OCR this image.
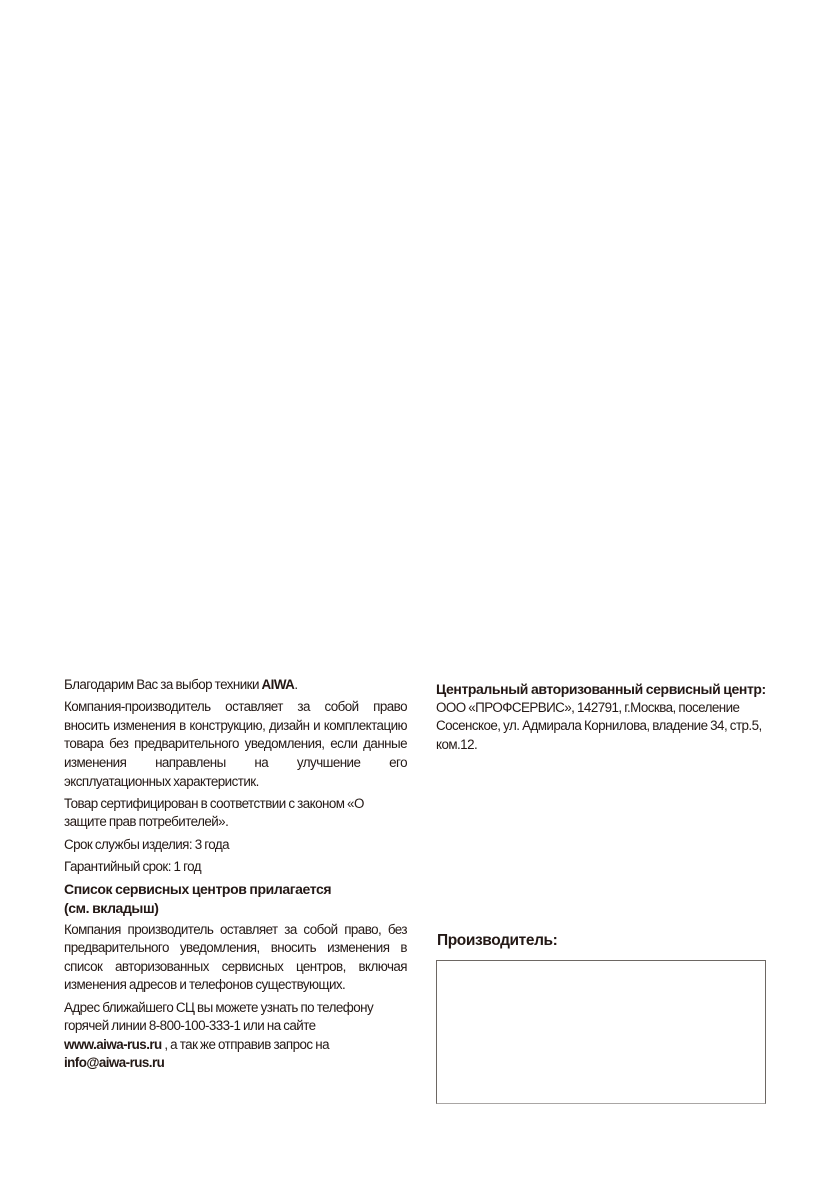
Благодарим Вас за выбор техники AIWA.

Компания-производитель оставляет за собой право вносить изменения в конструкцию, дизайн и комплектацию товара без предварительного уведомления, если данные изменения направлены на улучшение его эксплуатационных характеристик.

Товар сертифицирован в соответствии с законом «О защите прав потребителей».

Срок службы изделия: 3 года

Гарантийный срок: 1 год

Список сервисных центров прилагается
(см. вкладыш)

Компания производитель оставляет за собой право, без предварительного уведомления, вносить изменения в список авторизованных сервисных центров, включая изменения адресов и телефонов существующих.

Адрес ближайшего СЦ вы можете узнать по телефону горячей линии 8-800-100-333-1 или на сайте
www.aiwa-rus.ru , а так же отправив запрос на
info@aiwa-rus.ru

Центральный авторизованный сервисный центр:

ООО «ПРОФСЕРВИС», 142791, г.Москва, поселение Сосенское, ул. Адмирала Корнилова, владение 34, стр.5, ком.12.

Производитель:
